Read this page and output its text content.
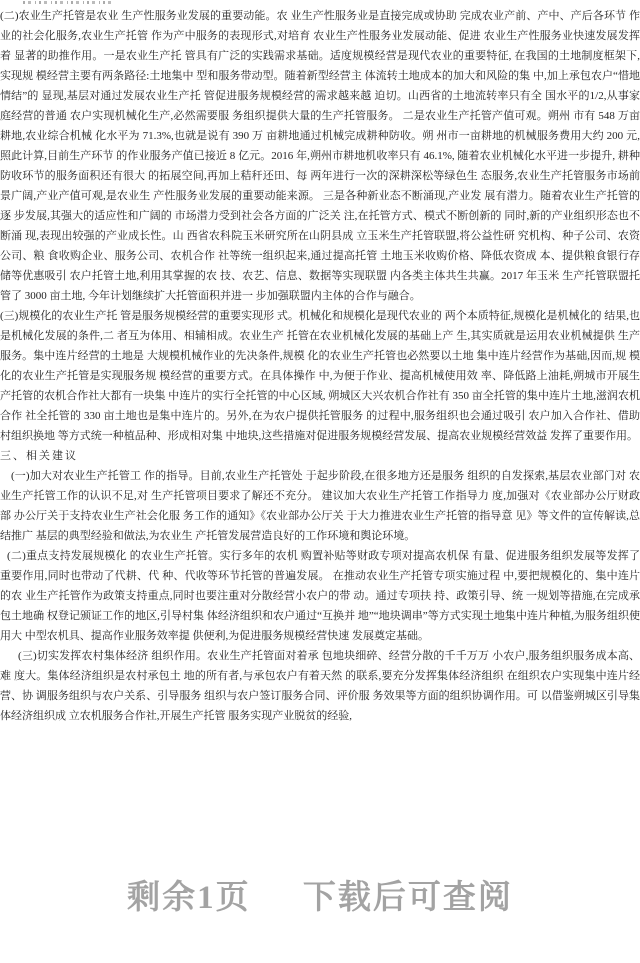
(二)农业生产托管是农业 生产性服务业发展的重要动能。农 业生产性服务业是直接完成或协助 完成农业产前、产中、产后各环节 作业的社会化服务,农业生产托管 作为产中服务的表现形式,对培育 农业生产性服务业发展动能、促进 农业生产性服务业快速发展发挥着 显著的助推作用。一是农业生产托 管具有广泛的实践需求基础。适度规模经营是现代农业的重要特征, 在我国的土地制度框架下,实现规 模经营主要有两条路径:土地集中 型和服务带动型。随着新型经营主 体流转土地成本的加大和风险的集 中,加上承包农户“惜地情结”的 显现,基层对通过发展农业生产托 管促进服务规模经营的需求越来越 迫切。山西省的土地流转率只有全 国水平的1/2,从事家庭经营的普通 农户实现机械化生产,必然需要服 务组织提供大量的生产托管服务。 二是农业生产托管产值可观。朔州 市有 548 万亩耕地,农业综合机械 化水平为 71.3%,也就是说有 390 万 亩耕地通过机械完成耕种防收。朔 州市一亩耕地的机械服务费用大约 200 元,照此计算,目前生产环节 的作业服务产值已接近 8 亿元。2016 年,朔州市耕地机收率只有 46.1%, 随着农业机械化水平进一步提升, 耕种防收环节的服务面积还有很大 的拓展空间,再加上秸秆还田、每 两年进行一次的深耕深松等绿色生 态服务,农业生产托管服务市场前景广阔,产业产值可观,是农业生 产性服务业发展的重要动能来源。 三是各种新业态不断涌现,产业发 展有潜力。随着农业生产托管的逐 步发展,其强大的适应性和广阔的 市场潜力受到社会各方面的广泛关 注,在托管方式、模式不断创新的 同时,新的产业组织形态也不断涌 现,表现出较强的产业成长性。山 西省农科院玉米研究所在山阴县成 立玉米生产托管联盟,将公益性研 究机构、种子公司、农资公司、粮 食收购企业、服务公司、农机合作 社等统一组织起来,通过提高托管 土地玉米收购价格、降低农资成 本、提供粮食银行存储等优惠吸引 农户托管土地,利用其掌握的农 技、农艺、信息、数据等实现联盟 内各类主体共生共赢。2017 年玉米 生产托管联盟托管了 3000 亩土地, 今年计划继续扩大托管面积并进一 步加强联盟内主体的合作与融合。

(三)规模化的农业生产托 管是服务规模经营的重要实现形 式。机械化和规模化是现代农业的 两个本质特征,规模化是机械化的 结果,也是机械化发展的条件,二 者互为体用、相辅相成。农业生产 托管在农业机械化发展的基础上产 生,其实质就是运用农业机械提供 生产服务。集中连片经营的土地是 大规模机械作业的先决条件,规模 化的农业生产托管也必然要以土地 集中连片经营作为基础,因而,规 模化的农业生产托管是实现服务规 模经营的重要方式。在具体操作 中,为便于作业、提高机械使用效 率、降低路上油耗,朔城市开展生 产托管的农机合作社大都有一块集 中连片的实行全托管的中心区域, 朔城区大兴农机合作社有 350 亩全托管的集中连片土地,滋润农机合作 社全托管的 330 亩土地也是集中连片的。另外,在为农户提供托管服务 的过程中,服务组织也会通过吸引 农户加入合作社、借助村组织换地 等方式统一种植品种、形成相对集 中地块,这些措施对促进服务规模经营发展、提高农业规模经营效益 发挥了重要作用。

三、相关建议

(一)加大对农业生产托管工 作的指导。目前,农业生产托管处 于起步阶段,在很多地方还是服务 组织的自发探索,基层农业部门对 农业生产托管工作的认识不足,对 生产托管项目要求了解还不充分。 建议加大农业生产托管工作指导力 度,加强对《农业部办公厅财政部 办公厅关于支持农业生产社会化服 务工作的通知》《农业部办公厅关 于大力推进农业生产托管的指导意 见》等文件的宣传解读,总结推广 基层的典型经验和做法,为农业生 产托管发展营造良好的工作环境和舆论环境。

(二)重点支持发展规模化 的农业生产托管。实行多年的农机 购置补贴等财政专项对提高农机保 有量、促进服务组织发展等发挥了 重要作用,同时也带动了代耕、代 种、代收等环节托管的普遍发展。 在推动农业生产托管专项实施过程 中,要把规模化的、集中连片的农 业生产托管作为政策支持重点,同时也要注重对分散经营小农户的带 动。通过专项扶 持、政策引导、统 一规划等措施,在完成承包土地确 权登记颁证工作的地区,引导村集 体经济组织和农户通过“互换并 地”“地块调串”等方式实现土地集中连片种植,为服务组织使用大 中型农机具、提高作业服务效率提 供便利,为促进服务规模经营快速 发展奠定基础。

(三)切实发挥农村集体经济 组织作用。农业生产托管面对着承 包地块细碎、经营分散的千千万万 小农户,服务组织服务成本高、难 度大。集体经济组织是农村承包土 地的所有者,与承包农户有着天然 的联系,要充分发挥集体经济组织 在组织农户实现集中连片经营、协 调服务组织与农户关系、引导服务 组织与农户签订服务合同、评价服 务效果等方面的组织协调作用。可 以借鉴朔城区引导集体经济组织成 立农机服务合作社,开展生产托管 服务实现产业脱贫的经验,

剩余1页 下载后可查阅
